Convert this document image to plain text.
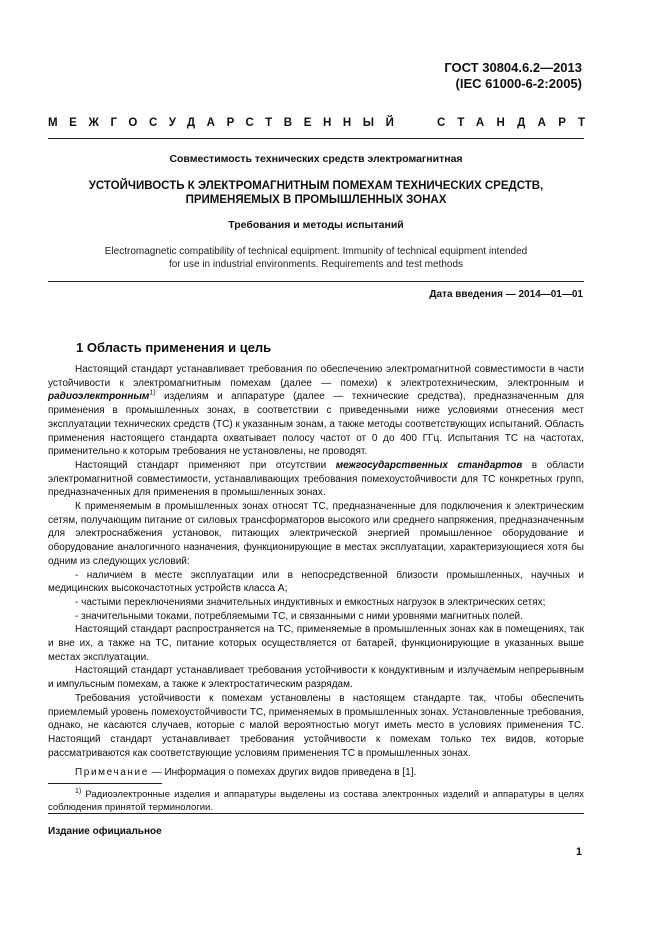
ГОСТ 30804.6.2—2013
(IEC 61000-6-2:2005)
МЕЖГОСУДАРСТВЕННЫЙ	СТАНДАРТ
Совместимость технических средств электромагнитная
УСТОЙЧИВОСТЬ К ЭЛЕКТРОМАГНИТНЫМ ПОМЕХАМ ТЕХНИЧЕСКИХ СРЕДСТВ,
ПРИМЕНЯЕМЫХ В ПРОМЫШЛЕННЫХ ЗОНАХ
Требования и методы испытаний
Electromagnetic compatibility of technical equipment. Immunity of technical equipment intended
for use in industrial environments. Requirements and test methods
Дата введения — 2014—01—01
1 Область применения и цель

Настоящий стандарт устанавливает требования по обеспечению электромагнитной совместимости в части устойчивости к электромагнитным помехам (далее — помехи) к электротехническим, электронным и радиоэлектронным$^{1)}$ изделиям и аппаратуре (далее — технические средства), предназначенным для применения в промышленных зонах, в соответствии с приведенными ниже условиями отнесения мест эксплуатации технических средств (ТС) к указанным зонам, а также методы соответствующих испытаний. Область применения настоящего стандарта охватывает полосу частот от 0 до 400 ГГц. Испытания ТС на частотах, применительно к которым требования не установлены, не проводят.

Настоящий стандарт применяют при отсутствии межгосударственных стандартов в области электромагнитной совместимости, устанавливающих требования помехоустойчивости для ТС конкретных групп, предназначенных для применения в промышленных зонах.

К применяемым в промышленных зонах относят ТС, предназначенные для подключения к электрическим сетям, получающим питание от силовых трансформаторов высокого или среднего напряжения, предназначенным для электроснабжения установок, питающих электрической энергией промышленное оборудование и оборудование аналогичного назначения, функционирующие в местах эксплуатации, характеризующиеся хотя бы одним из следующих условий:

- наличием в месте эксплуатации или в непосредственной близости промышленных, научных и медицинских высокочастотных устройств класса А;

- частыми переключениями значительных индуктивных и емкостных нагрузок в электрических сетях;

- значительными токами, потребляемыми ТС, и связанными с ними уровнями магнитных полей.

Настоящий стандарт распространяется на ТС, применяемые в промышленных зонах как в помещениях, так и вне их, а также на ТС, питание которых осуществляется от батарей, функционирующие в указанных выше местах эксплуатации.

Настоящий стандарт устанавливает требования устойчивости к кондуктивным и излучаемым непрерывным и импульсным помехам, а также к электростатическим разрядам.

Требования устойчивости к помехам установлены в настоящем стандарте так, чтобы обеспечить приемлемый уровень помехоустойчивости ТС, применяемых в промышленных зонах. Установленные требования, однако, не касаются случаев, которые с малой вероятностью могут иметь место в условиях применения ТС. Настоящий стандарт устанавливает требования устойчивости к помехам только тех видов, которые рассматриваются как соответствующие условиям применения ТС в промышленных зонах.

Примечание — Информация о помехах других видов приведена в [1].

$^{1)}$ Радиоэлектронные изделия и аппаратуры выделены из состава электронных изделий и аппаратуры в целях соблюдения принятой терминологии.

Издание официальное
1
